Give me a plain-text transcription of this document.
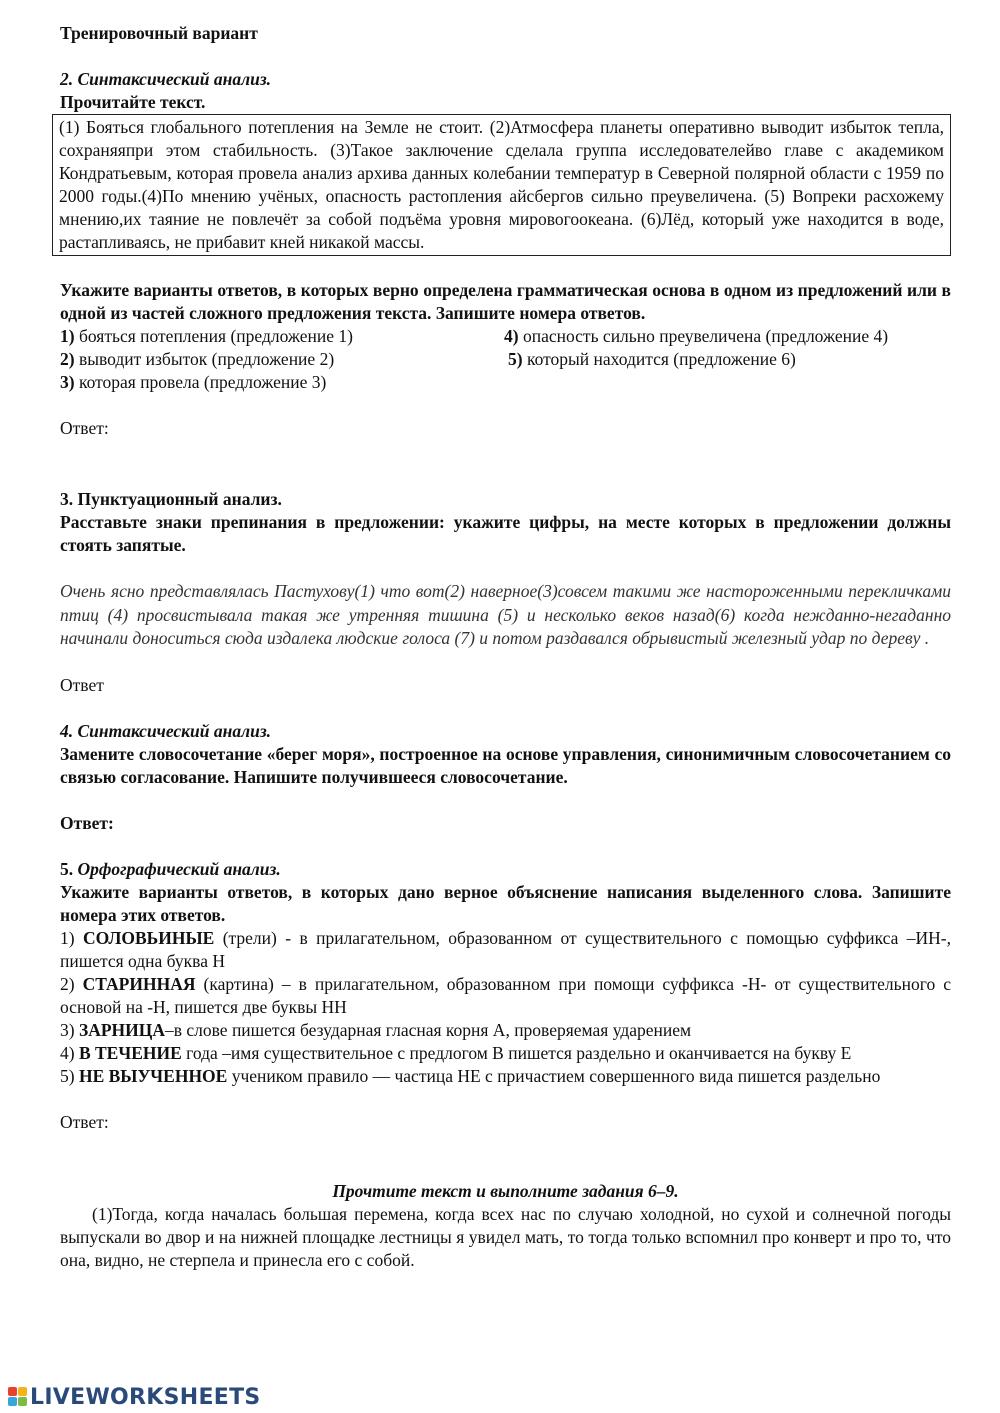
Тренировочный вариант

2. Синтаксический анализ.

Прочитайте текст.

(1) Бояться глобального потепления на Земле не стоит. (2)Атмосфера планеты оперативно выводит избыток тепла, сохраняяпри этом стабильность. (3)Такое заключение сделала группа исследователейво главе с академиком Кондратьевым, которая провела анализ архива данных колебании температур в Северной полярной области с 1959 по 2000 годы.(4)По мнению учёных, опасность растопления айсбергов сильно преувеличена. (5) Вопреки расхожему мнению,их таяние не повлечёт за собой подъёма уровня мировогоокеана. (6)Лёд, который уже находится в воде, растапливаясь, не прибавит кней никакой массы.

Укажите варианты ответов, в которых верно определена грамматическая основа в одном из предложений или в одной из частей сложного предложения текста. Запишите номера ответов.

1) бояться потепления (предложение 1)	4) опасность сильно преувеличена (предложение 4)
2) выводит избыток (предложение 2)	5) который находится (предложение 6)
3) которая провела (предложение 3)

Ответ:

3. Пунктуационный анализ.

Расставьте знаки препинания в предложении: укажите цифры, на месте которых в предложении должны стоять запятые.

Очень ясно представлялась Пастухову(1) что вот(2) наверное(3)совсем такими же настороженными перекличками птиц (4) просвистывала такая же утренняя тишина (5) и несколько веков назад(6) когда нежданно-негаданно начинали доноситься сюда издалека людские голоса (7) и потом раздавался обрывистый железный удар по дереву .

Ответ

4. Синтаксический анализ.

Замените словосочетание «берег моря», построенное на основе управления, синонимичным словосочетанием со связью согласование. Напишите получившееся словосочетание.

Ответ:

5. Орфографический анализ.

Укажите варианты ответов, в которых дано верное объяснение написания выделенного слова. Запишите номера этих ответов.

1) СОЛОВЬИНЫЕ (трели) - в прилагательном, образованном от существительного с помощью суффикса –ИН-, пишется одна буква Н

2) СТАРИННАЯ (картина) – в прилагательном, образованном при помощи суффикса -Н- от существительного с основой на -Н, пишется две буквы НН

3) ЗАРНИЦА–в слове пишется безударная гласная корня А, проверяемая ударением

4) В ТЕЧЕНИЕ года –имя существительное с предлогом В пишется раздельно и оканчивается на букву Е

5) НЕ ВЫУЧЕННОЕ учеником правило — частица НЕ с причастием совершенного вида пишется раздельно

Ответ:

Прочтите текст и выполните задания 6–9.

(1)Тогда, когда началась большая перемена, когда всех нас по случаю холодной, но сухой и солнечной погоды выпускали во двор и на нижней площадке лестницы я увидел мать, то тогда только вспомнил про конверт и про то, что она, видно, не стерпела и принесла его с собой.

LIVEWORKSHEETS
